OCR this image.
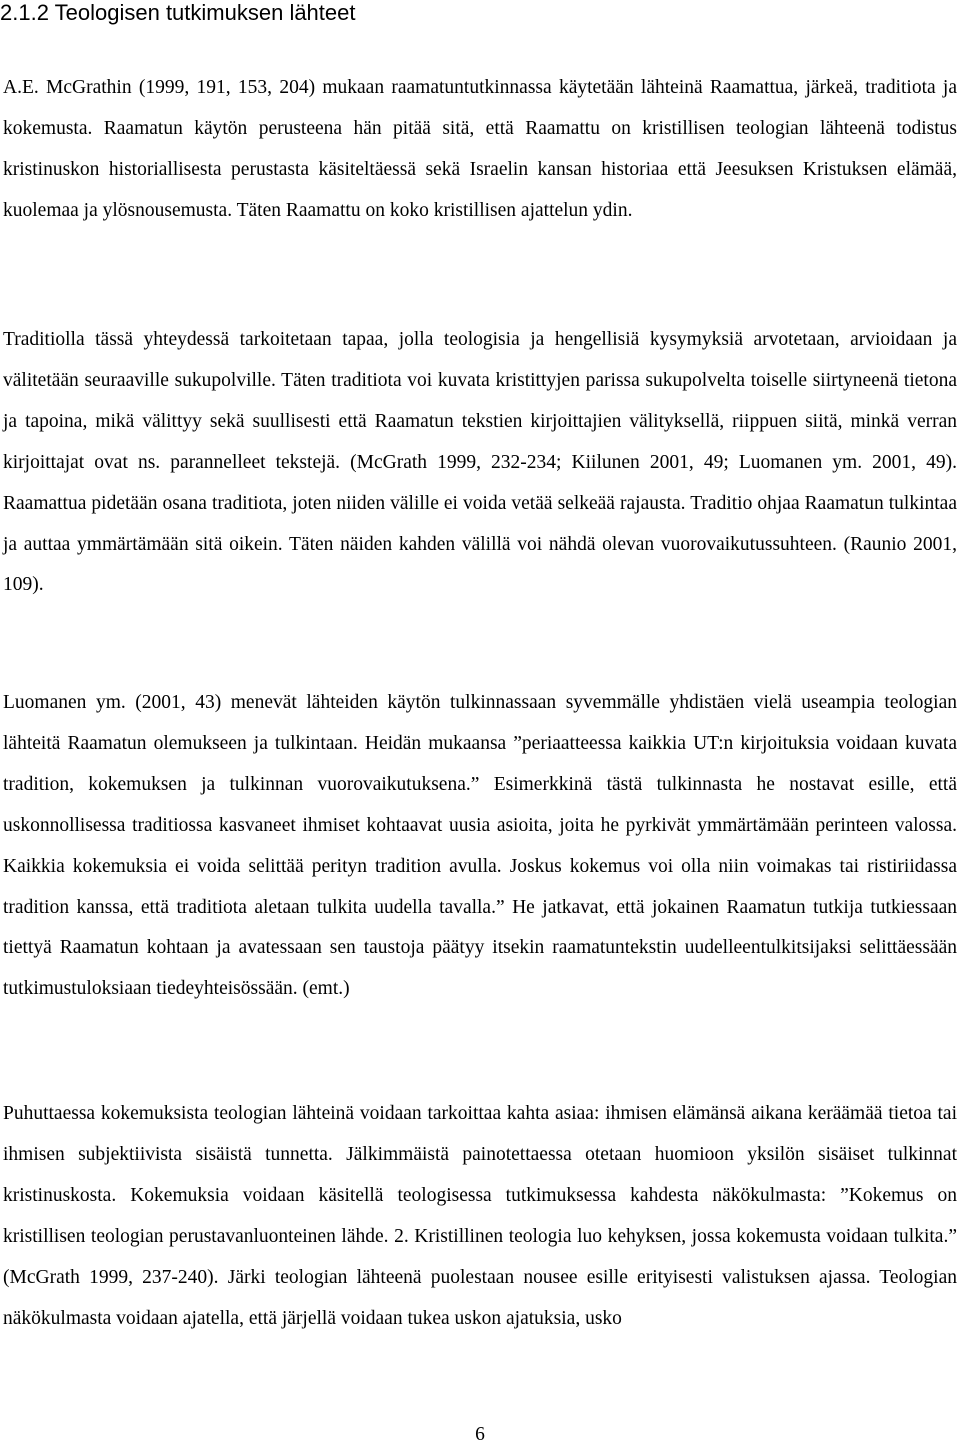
2.1.2 Teologisen tutkimuksen lähteet

A.E. McGrathin (1999, 191, 153, 204) mukaan raamatuntutkinnassa käytetään lähteinä Raamattua, järkeä, traditiota ja kokemusta. Raamatun käytön perusteena hän pitää sitä, että Raamattu on kristillisen teologian lähteenä todistus kristinuskon historiallisesta perustasta käsiteltäessä sekä Israelin kansan historiaa että Jeesuksen Kristuksen elämää, kuolemaa ja ylösnousemusta. Täten Raamattu on koko kristillisen ajattelun ydin.

Traditiolla tässä yhteydessä tarkoitetaan tapaa, jolla teologisia ja hengellisiä kysymyksiä arvotetaan, arvioidaan ja välitetään seuraaville sukupolville. Täten traditiota voi kuvata kristittyjen parissa sukupolvelta toiselle siirtyneenä tietona ja tapoina, mikä välittyy sekä suullisesti että Raamatun tekstien kirjoittajien välityksellä, riippuen siitä, minkä verran kirjoittajat ovat ns. parannelleet tekstejä. (McGrath 1999, 232-234; Kiilunen 2001, 49; Luomanen ym. 2001, 49). Raamattua pidetään osana traditiota, joten niiden välille ei voida vetää selkeää rajausta. Traditio ohjaa Raamatun tulkintaa ja auttaa ymmärtämään sitä oikein. Täten näiden kahden välillä voi nähdä olevan vuorovaikutussuhteen. (Raunio 2001, 109).

Luomanen ym. (2001, 43) menevät lähteiden käytön tulkinnassaan syvemmälle yhdistäen vielä useampia teologian lähteitä Raamatun olemukseen ja tulkintaan. Heidän mukaansa ”periaatteessa kaikkia UT:n kirjoituksia voidaan kuvata tradition, kokemuksen ja tulkinnan vuorovaikutuksena.” Esimerkkinä tästä tulkinnasta he nostavat esille, että uskonnollisessa traditiossa kasvaneet ihmiset kohtaavat uusia asioita, joita he pyrkivät ymmärtämään perinteen valossa. Kaikkia kokemuksia ei voida selittää perityn tradition avulla. Joskus kokemus voi olla niin voimakas tai ristiriidassa tradition kanssa, että traditiota aletaan tulkita uudella tavalla.” He jatkavat, että jokainen Raamatun tutkija tutkiessaan tiettyä Raamatun kohtaan ja avatessaan sen taustoja päätyy itsekin raamatuntekstin uudelleentulkitsijaksi selittäessään tutkimustuloksiaan tiedeyhteisössään. (emt.)

Puhuttaessa kokemuksista teologian lähteinä voidaan tarkoittaa kahta asiaa: ihmisen elämänsä aikana keräämää tietoa tai ihmisen subjektiivista sisäistä tunnetta. Jälkimmäistä painotettaessa otetaan huomioon yksilön sisäiset tulkinnat kristinuskosta. Kokemuksia voidaan käsitellä teologisessa tutkimuksessa kahdesta näkökulmasta: ”Kokemus on kristillisen teologian perustavanluonteinen lähde. 2. Kristillinen teologia luo kehyksen, jossa kokemusta voidaan tulkita.” (McGrath 1999, 237-240). Järki teologian lähteenä puolestaan nousee esille erityisesti valistuksen ajassa. Teologian näkökulmasta voidaan ajatella, että järjellä voidaan tukea uskon ajatuksia, usko

6
